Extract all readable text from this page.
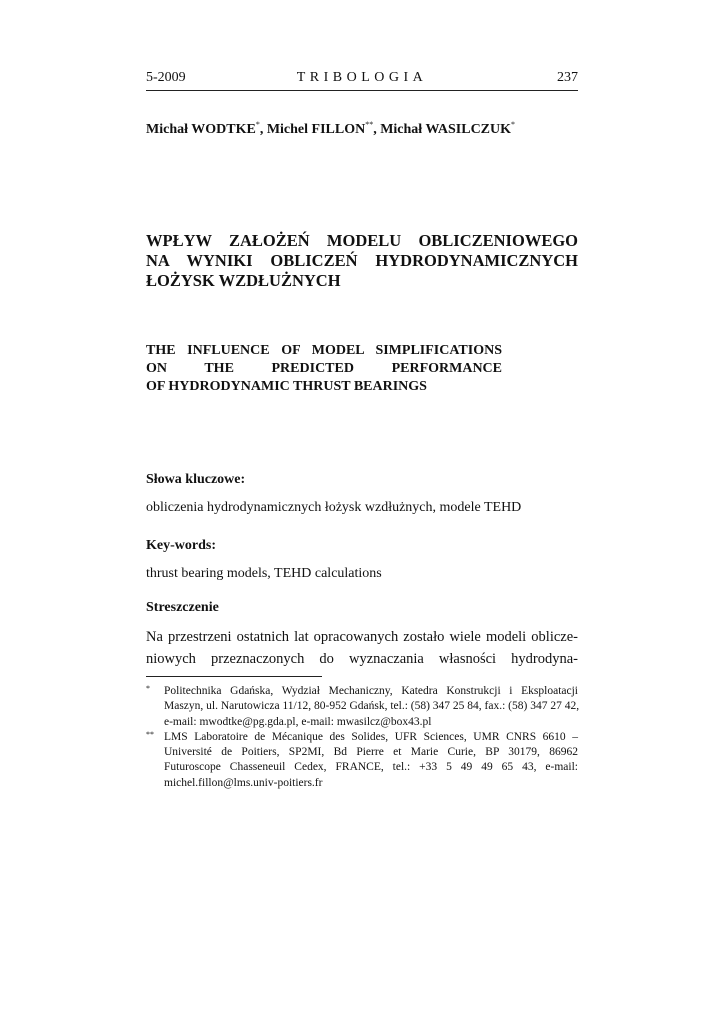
5-2009	TRIBOLOGIA	237
Michał WODTKE*, Michel FILLON**, Michał WASILCZUK*
WPŁYW ZAŁOŻEŃ MODELU OBLICZENIOWEGO
NA WYNIKI OBLICZEŃ HYDRODYNAMICZNYCH
ŁOŻYSK WZDŁUŻNYCH
THE INFLUENCE OF MODEL SIMPLIFICATIONS
ON THE PREDICTED PERFORMANCE
OF HYDRODYNAMIC THRUST BEARINGS
Słowa kluczowe:
obliczenia hydrodynamicznych łożysk wzdłużnych, modele TEHD
Key-words:
thrust bearing models, TEHD calculations
Streszczenie
Na przestrzeni ostatnich lat opracowanych zostało wiele modeli oblicze-
niowych przeznaczonych do wyznaczania własności hydrodyna-
* Politechnika Gdańska, Wydział Mechaniczny, Katedra Konstrukcji i Eksploatacji
Maszyn, ul. Narutowicza 11/12, 80-952 Gdańsk, tel.: (58) 347 25 84, fax.: (58) 347 27 42,
e-mail: mwodtke@pg.gda.pl, e-mail: mwasilcz@box43.pl
** LMS Laboratoire de Mécanique des Solides, UFR Sciences, UMR CNRS 6610 –
Université de Poitiers, SP2MI, Bd Pierre et Marie Curie, BP 30179, 86962
Futuroscope Chasseneuil Cedex, FRANCE, tel.: +33 5 49 49 65 43, e-mail:
michel.fillon@lms.univ-poitiers.fr
